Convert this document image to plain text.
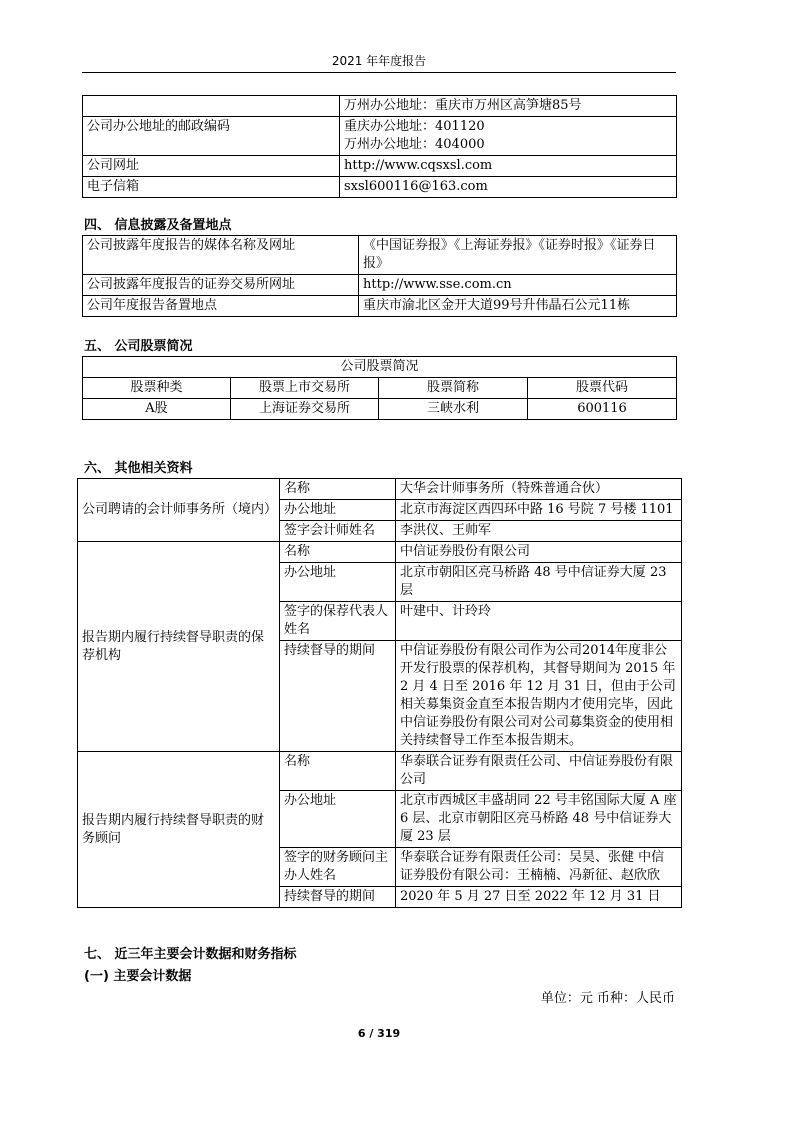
2021 年年度报告
	万州办公地址：重庆市万州区高笋塘85号
公司办公地址的邮政编码	重庆办公地址：401120
万州办公地址：404000

公司网址	http://www.cqsxsl.com
电子信箱	sxsl600116@163.com
四、 信息披露及备置地点
公司披露年度报告的媒体名称及网址	《中国证券报》《上海证券报》《证券时报》《证券日报》
公司披露年度报告的证券交易所网址	http://www.sse.com.cn
公司年度报告备置地点	重庆市渝北区金开大道99号升伟晶石公元11栋
五、 公司股票简况
公司股票简况			
股票种类	股票上市交易所	股票简称	股票代码
A股	上海证券交易所	三峡水利	600116
六、 其他相关资料
公司聘请的会计师事务所（境内）	名称	大华会计师事务所（特殊普通合伙）
	办公地址	北京市海淀区西四环中路 16 号院 7 号楼 1101
	签字会计师姓名	李洪仪、王帅军
报告期内履行持续督导职责的保荐机构	名称	中信证券股份有限公司
	办公地址	北京市朝阳区亮马桥路 48 号中信证券大厦 23 层
	签字的保荐代表人姓名	叶建中、计玲玲
	持续督导的期间	中信证券股份有限公司作为公司2014年度非公开发行股票的保荐机构，其督导期间为 2015 年 2 月 4 日至 2016 年 12 月 31 日，但由于公司相关募集资金直至本报告期内才使用完毕，因此中信证券股份有限公司对公司募集资金的使用相关持续督导工作至本报告期末。
报告期内履行持续督导职责的财务顾问	名称	华泰联合证券有限责任公司、中信证券股份有限公司
	办公地址	北京市西城区丰盛胡同 22 号丰铭国际大厦 A 座 6 层、北京市朝阳区亮马桥路 48 号中信证券大厦 23 层
	签字的财务顾问主办人姓名	华泰联合证券有限责任公司：吴昊、张健 中信证券股份有限公司：王楠楠、冯新征、赵欣欣
	持续督导的期间	2020 年 5 月 27 日至 2022 年 12 月 31 日
七、 近三年主要会计数据和财务指标
(一) 主要会计数据
单位：元 币种：人民币
6 / 319
